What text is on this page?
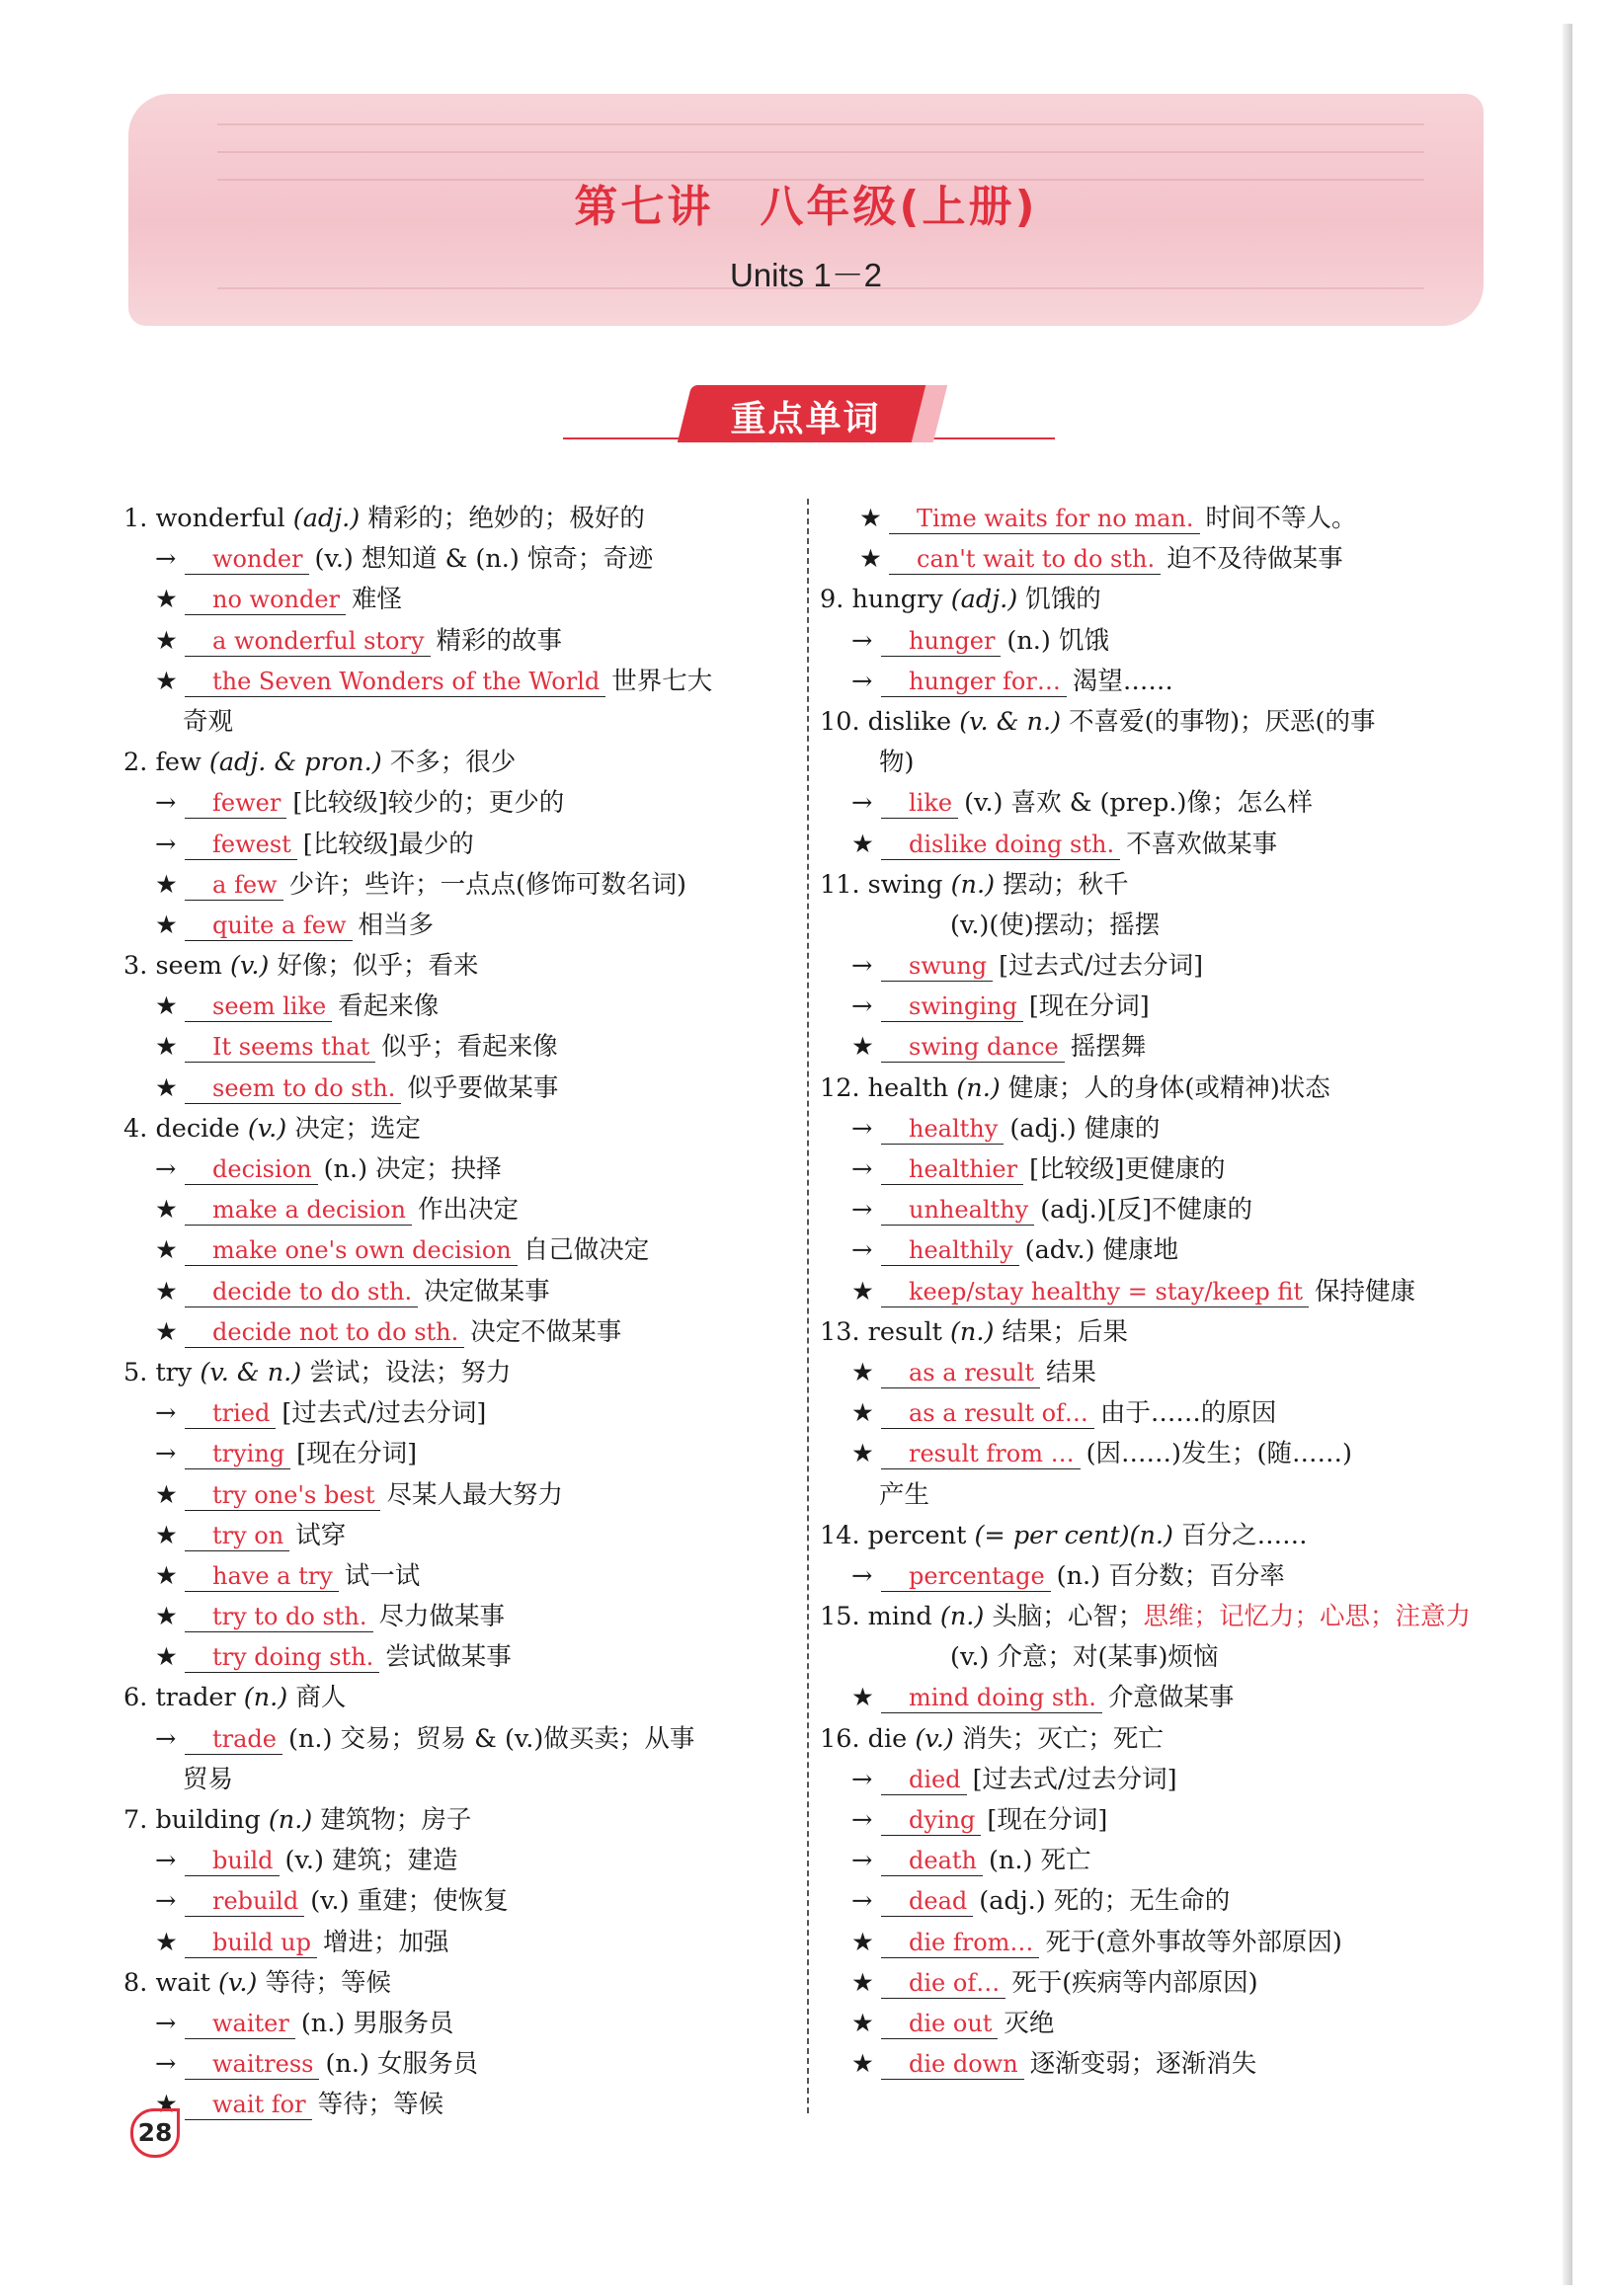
第七讲　八年级(上册)
Units 1－2
重点单词
1. wonderful (adj.) 精彩的；绝妙的；极好的
→ wonder (v.) 想知道 & (n.) 惊奇；奇迹
★ no wonder 难怪
★ a wonderful story 精彩的故事
★ the Seven Wonders of the World 世界七大
奇观
2. few (adj. & pron.) 不多；很少
→ fewer [比较级]较少的；更少的
→ fewest [比较级]最少的
★ a few 少许；些许；一点点(修饰可数名词)
★ quite a few 相当多
3. seem (v.) 好像；似乎；看来
★ seem like 看起来像
★ It seems that 似乎；看起来像
★ seem to do sth. 似乎要做某事
4. decide (v.) 决定；选定
→ decision (n.) 决定；抉择
★ make a decision 作出决定
★ make one's own decision 自己做决定
★ decide to do sth. 决定做某事
★ decide not to do sth. 决定不做某事
5. try (v. & n.) 尝试；设法；努力
→ tried [过去式/过去分词]
→ trying [现在分词]
★ try one's best 尽某人最大努力
★ try on 试穿
★ have a try 试一试
★ try to do sth. 尽力做某事
★ try doing sth. 尝试做某事
6. trader (n.) 商人
→ trade (n.) 交易；贸易 & (v.)做买卖；从事
贸易
7. building (n.) 建筑物；房子
→ build (v.) 建筑；建造
→ rebuild (v.) 重建；使恢复
★ build up 增进；加强
8. wait (v.) 等待；等候
→ waiter (n.) 男服务员
→ waitress (n.) 女服务员
★ wait for 等待；等候
★ Time waits for no man. 时间不等人。
★ can't wait to do sth. 迫不及待做某事
9. hungry (adj.) 饥饿的
→ hunger (n.) 饥饿
→ hunger for… 渴望……
10. dislike (v. & n.) 不喜爱(的事物)；厌恶(的事
物)
→ like (v.) 喜欢 & (prep.)像；怎么样
★ dislike doing sth. 不喜欢做某事
11. swing (n.) 摆动；秋千
(v.)(使)摆动；摇摆
→ swung [过去式/过去分词]
→ swinging [现在分词]
★ swing dance 摇摆舞
12. health (n.) 健康；人的身体(或精神)状态
→ healthy (adj.) 健康的
→ healthier [比较级]更健康的
→ unhealthy (adj.)[反]不健康的
→ healthily (adv.) 健康地
★ keep/stay healthy = stay/keep fit 保持健康
13. result (n.) 结果；后果
★ as a result 结果
★ as a result of… 由于……的原因
★ result from … (因……)发生；(随……)
产生
14. percent (= per cent)(n.) 百分之……
→ percentage (n.) 百分数；百分率
15. mind (n.) 头脑；心智；思维；记忆力；心思；注意力
(v.) 介意；对(某事)烦恼
★ mind doing sth. 介意做某事
16. die (v.) 消失；灭亡；死亡
→ died [过去式/过去分词]
→ dying [现在分词]
→ death (n.) 死亡
→ dead (adj.) 死的；无生命的
★ die from… 死于(意外事故等外部原因)
★ die of… 死于(疾病等内部原因)
★ die out 灭绝
★ die down 逐渐变弱；逐渐消失
28
